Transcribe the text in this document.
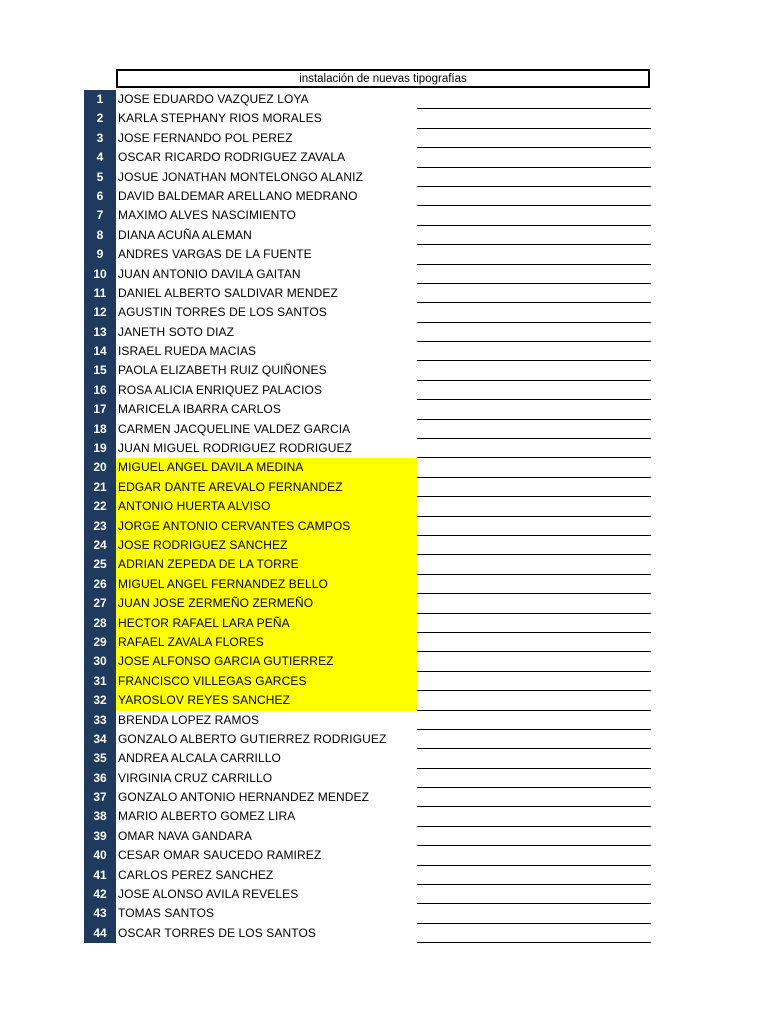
instalación de nuevas tipografías
1	JOSE EDUARDO VAZQUEZ LOYA
2	KARLA STEPHANY RIOS MORALES
3	JOSE FERNANDO POL PEREZ
4	OSCAR RICARDO RODRIGUEZ ZAVALA
5	JOSUE JONATHAN MONTELONGO ALANIZ
6	DAVID BALDEMAR ARELLANO MEDRANO
7	MAXIMO ALVES NASCIMIENTO
8	DIANA ACUÑA ALEMAN
9	ANDRES VARGAS DE LA FUENTE
10 JUAN ANTONIO DAVILA GAITAN
11 DANIEL ALBERTO SALDIVAR MENDEZ
12 AGUSTIN TORRES DE LOS SANTOS
13 JANETH SOTO DIAZ
14 ISRAEL RUEDA MACIAS
15 PAOLA ELIZABETH RUIZ QUIÑONES
16 ROSA ALICIA ENRIQUEZ PALACIOS
17 MARICELA IBARRA CARLOS
18 CARMEN JACQUELINE VALDEZ GARCIA
19 JUAN MIGUEL RODRIGUEZ RODRIGUEZ
20 MIGUEL ANGEL DAVILA MEDINA
21 EDGAR DANTE AREVALO FERNANDEZ
22 ANTONIO HUERTA ALVISO
23 JORGE ANTONIO CERVANTES CAMPOS
24 JOSE RODRIGUEZ SANCHEZ
25 ADRIAN ZEPEDA DE LA TORRE
26 MIGUEL ANGEL FERNANDEZ BELLO
27 JUAN JOSE ZERMEÑO ZERMEÑO
28 HECTOR RAFAEL LARA PEÑA
29 RAFAEL ZAVALA FLORES
30 JOSE ALFONSO GARCIA GUTIERREZ
31 FRANCISCO VILLEGAS GARCES
32 YAROSLOV REYES SANCHEZ
33 BRENDA LOPEZ RAMOS
34 GONZALO ALBERTO GUTIERREZ RODRIGUEZ
35 ANDREA ALCALA CARRILLO
36 VIRGINIA CRUZ CARRILLO
37 GONZALO ANTONIO HERNANDEZ MENDEZ
38 MARIO ALBERTO GOMEZ LIRA
39 OMAR NAVA GANDARA
40 CESAR OMAR SAUCEDO RAMIREZ
41 CARLOS PEREZ SANCHEZ
42 JOSE ALONSO AVILA REVELES
43 TOMAS SANTOS
44 OSCAR TORRES DE LOS SANTOS
